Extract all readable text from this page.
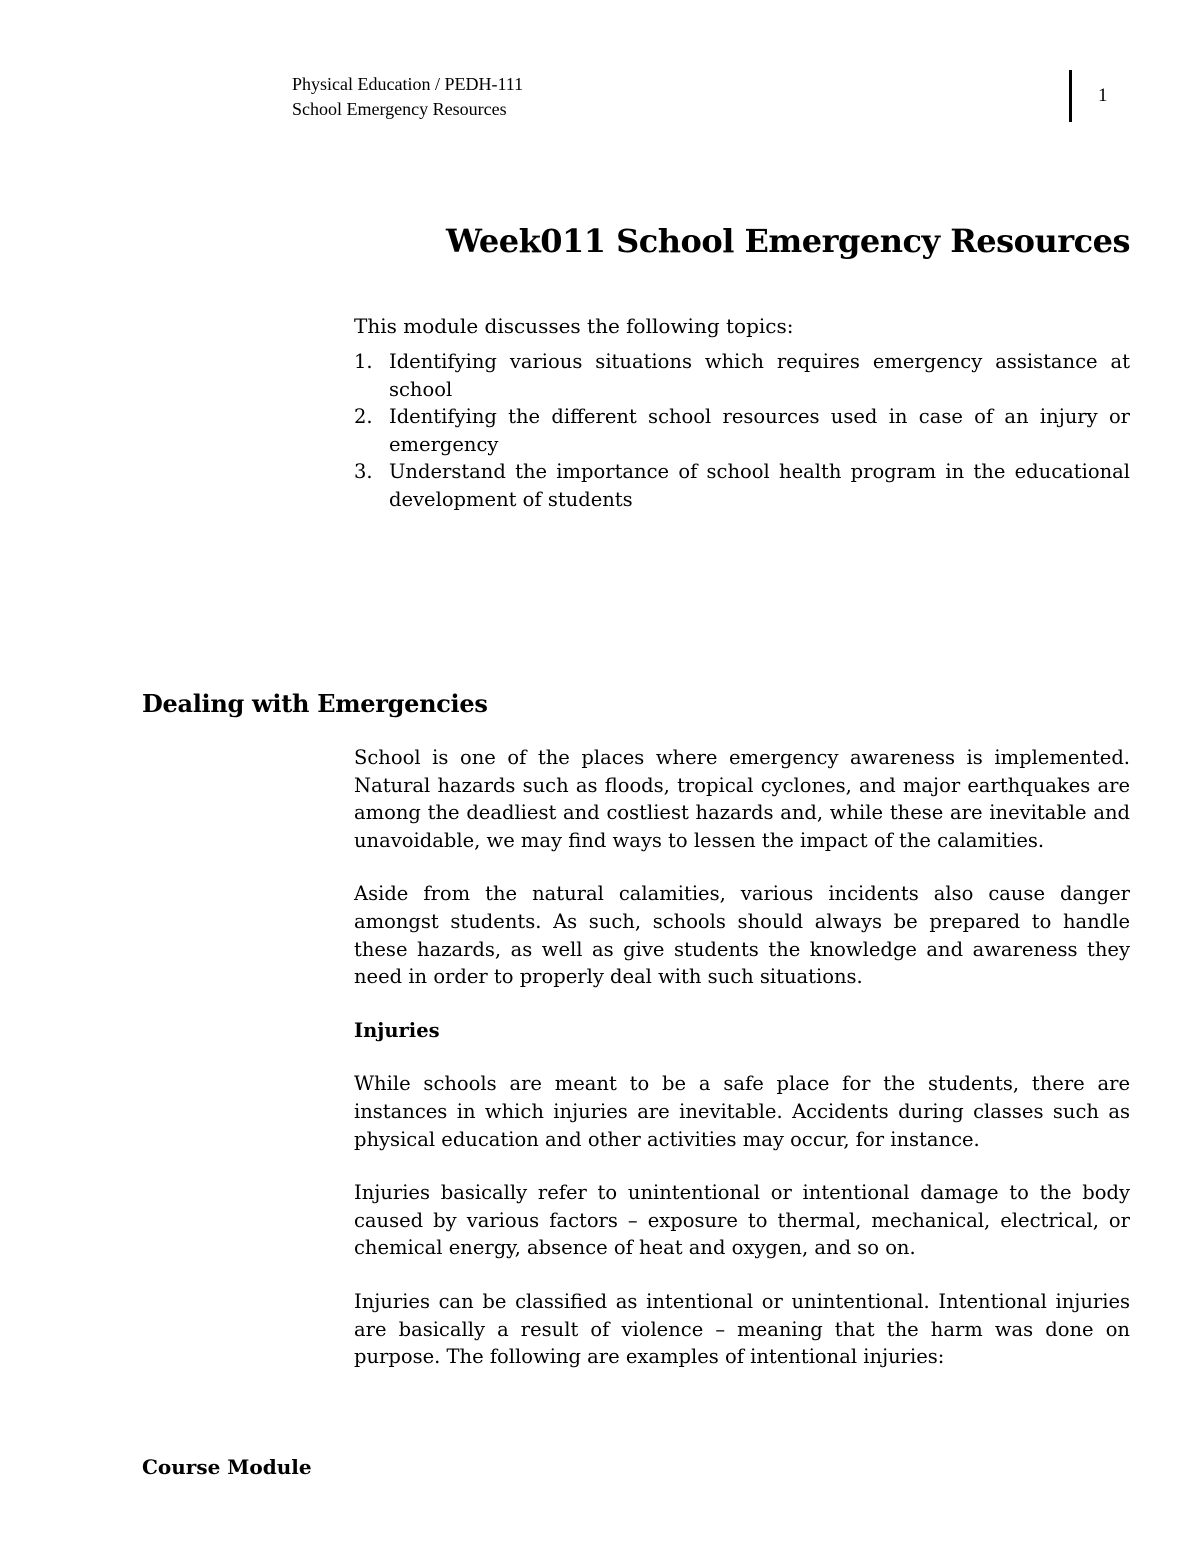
Physical Education / PEDH-111
School Emergency Resources
1
Week011 School Emergency Resources

This module discusses the following topics:

1. Identifying various situations which requires emergency assistance at school
2. Identifying the different school resources used in case of an injury or emergency
3. Understand the importance of school health program in the educational development of students
Dealing with Emergencies

School is one of the places where emergency awareness is implemented. Natural hazards such as floods, tropical cyclones, and major earthquakes are among the deadliest and costliest hazards and, while these are inevitable and unavoidable, we may find ways to lessen the impact of the calamities.

Aside from the natural calamities, various incidents also cause danger amongst students. As such, schools should always be prepared to handle these hazards, as well as give students the knowledge and awareness they need in order to properly deal with such situations.

Injuries

While schools are meant to be a safe place for the students, there are instances in which injuries are inevitable. Accidents during classes such as physical education and other activities may occur, for instance.

Injuries basically refer to unintentional or intentional damage to the body caused by various factors – exposure to thermal, mechanical, electrical, or chemical energy, absence of heat and oxygen, and so on.

Injuries can be classified as intentional or unintentional. Intentional injuries are basically a result of violence – meaning that the harm was done on purpose. The following are examples of intentional injuries:

Course Module
